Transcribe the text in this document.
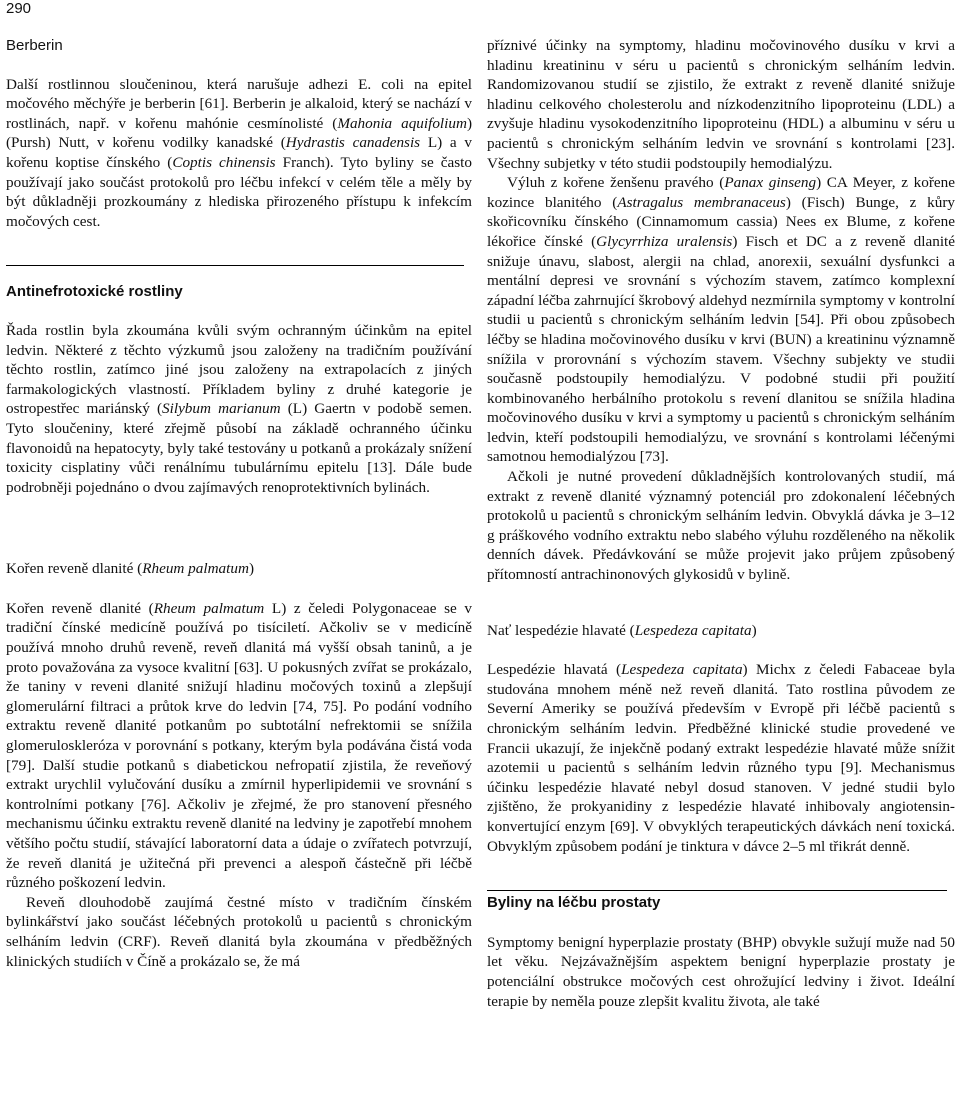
290
Berberin

Další rostlinnou sloučeninou, která narušuje adhezi E. coli na epitel močového měchýře je berberin [61]. Berberin je alkaloid, který se nachází v rostlinách, např. v kořenu mahónie cesmínolisté (Mahonia aquifolium) (Pursh) Nutt, v kořenu vodilky kanadské (Hydrastis canadensis L) a v kořenu koptise čínského (Coptis chinensis Franch). Tyto byliny se často používají jako součást protokolů pro léčbu infekcí v celém těle a měly by být důkladněji prozkoumány z hlediska přirozeného přístupu k infekcím močových cest.

Antinefrotoxické rostliny

Řada rostlin byla zkoumána kvůli svým ochranným účinkům na epitel ledvin. Některé z těchto výzkumů jsou založeny na tradičním používání těchto rostlin, zatímco jiné jsou založeny na extrapolacích z jiných farmakologických vlastností. Příkladem byliny z druhé kategorie je ostropestřec mariánský (Silybum marianum (L) Gaertn v podobě semen. Tyto sloučeniny, které zřejmě působí na základě ochranného účinku flavonoidů na hepatocyty, byly také testovány u potkanů a prokázaly snížení toxicity cisplatiny vůči renálnímu tubulárnímu epitelu [13]. Dále bude podrobněji pojednáno o dvou zajímavých renoprotektivních bylinách.

Kořen reveně dlanité (Rheum palmatum)

Kořen reveně dlanité (Rheum palmatum L) z čeledi Polygonaceae se v tradiční čínské medicíně používá po tisíciletí. Ačkoliv se v medicíně používá mnoho druhů reveně, reveň dlanitá má vyšší obsah taninů, a je proto považována za vysoce kvalitní [63]. U pokusných zvířat se prokázalo, že taniny v reveni dlanité snižují hladinu močových toxinů a zlepšují glomerulární filtraci a průtok krve do ledvin [74, 75]. Po podání vodního extraktu reveně dlanité potkanům po subtotální nefrektomii se snížila glomeruloskleróza v porovnání s potkany, kterým byla podávána čistá voda [79]. Další studie potkanů s diabetickou nefropatií zjistila, že reveňový extrakt urychlil vylučování dusíku a zmírnil hyperlipidemii ve srovnání s kontrolními potkany [76]. Ačkoliv je zřejmé, že pro stanovení přesného mechanismu účinku extraktu reveně dlanité na ledviny je zapotřebí mnohem většího počtu studií, stávající laboratorní data a údaje o zvířatech potvrzují, že reveň dlanitá je užitečná při prevenci a alespoň částečně při léčbě různého poškození ledvin.

Reveň dlouhodobě zaujímá čestné místo v tradičním čínském bylinkářství jako součást léčebných protokolů u pacientů s chronickým selháním ledvin (CRF). Reveň dlanitá byla zkoumána v předběžných klinických studiích v Číně a prokázalo se, že má

příznivé účinky na symptomy, hladinu močovinového dusíku v krvi a hladinu kreatininu v séru u pacientů s chronickým selháním ledvin. Randomizovanou studií se zjistilo, že extrakt z reveně dlanité snižuje hladinu celkového cholesterolu and nízkodenzitního lipoproteinu (LDL) a zvyšuje hladinu vysokodenzitního lipoproteinu (HDL) a albuminu v séru u pacientů s chronickým selháním ledvin ve srovnání s kontrolami [23]. Všechny subjetky v této studii podstoupily hemodialýzu.

Výluh z kořene ženšenu pravého (Panax ginseng) CA Meyer, z kořene kozince blanitého (Astragalus membranaceus) (Fisch) Bunge, z kůry skořicovníku čínského (Cinnamomum cassia) Nees ex Blume, z kořene lékořice čínské (Glycyrrhiza uralensis) Fisch et DC a z reveně dlanité snižuje únavu, slabost, alergii na chlad, anorexii, sexuální dysfunkci a mentální depresi ve srovnání s výchozím stavem, zatímco komplexní západní léčba zahrnující škrobový aldehyd nezmírnila symptomy v kontrolní studii u pacientů s chronickým selháním ledvin [54]. Při obou způsobech léčby se hladina močovinového dusíku v krvi (BUN) a kreatininu významně snížila v prorovnání s výchozím stavem. Všechny subjekty ve studii současně podstoupily hemodialýzu. V podobné studii při použití kombinovaného herbálního protokolu s revení dlanitou se snížila hladina močovinového dusíku v krvi a symptomy u pacientů s chronickým selháním ledvin, kteří podstoupili hemodialýzu, ve srovnání s kontrolami léčenými samotnou hemodialýzou [73].

Ačkoli je nutné provedení důkladnějších kontrolovaných studií, má extrakt z reveně dlanité významný potenciál pro zdokonalení léčebných protokolů u pacientů s chronickým selháním ledvin. Obvyklá dávka je 3–12 g práškového vodního extraktu nebo slabého výluhu rozděleného na několik denních dávek. Předávkování se může projevit jako průjem způsobený přítomností antrachinonových glykosidů v bylině.

Nať lespedézie hlavaté (Lespedeza capitata)

Lespedézie hlavatá (Lespedeza capitata) Michx z čeledi Fabaceae byla studována mnohem méně než reveň dlanitá. Tato rostlina původem ze Severní Ameriky se používá především v Evropě při léčbě pacientů s chronickým selháním ledvin. Předběžné klinické studie provedené ve Francii ukazují, že injekčně podaný extrakt lespedézie hlavaté může snížit azotemii u pacientů s selháním ledvin různého typu [9]. Mechanismus účinku lespedézie hlavaté nebyl dosud stanoven. V jedné studii bylo zjištěno, že prokyanidiny z lespedézie hlavaté inhibovaly angiotensin-konvertující enzym [69]. V obvyklých terapeutických dávkách není toxická. Obvyklým způsobem podání je tinktura v dávce 2–5 ml třikrát denně.

Byliny na léčbu prostaty

Symptomy benigní hyperplazie prostaty (BHP) obvykle sužují muže nad 50 let věku. Nejzávažnějším aspektem benigní hyperplazie prostaty je potenciální obstrukce močových cest ohrožující ledviny i život. Ideální terapie by neměla pouze zlepšit kvalitu života, ale také
